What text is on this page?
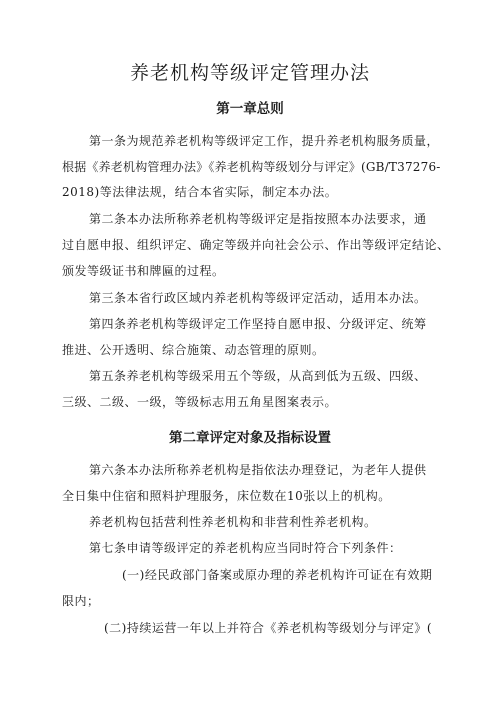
养老机构等级评定管理办法
第一章总则
第一条为规范养老机构等级评定工作，提升养老机构服务质量，
根据《养老机构管理办法》《养老机构等级划分与评定》(GB/T37276-
2018)等法律法规，结合本省实际，制定本办法。
第二条本办法所称养老机构等级评定是指按照本办法要求，通
过自愿申报、组织评定、确定等级并向社会公示、作出等级评定结论、
颁发等级证书和牌匾的过程。
第三条本省行政区域内养老机构等级评定活动，适用本办法。
第四条养老机构等级评定工作坚持自愿申报、分级评定、统筹
推进、公开透明、综合施策、动态管理的原则。
第五条养老机构等级采用五个等级，从高到低为五级、四级、
三级、二级、一级，等级标志用五角星图案表示。
第二章评定对象及指标设置
第六条本办法所称养老机构是指依法办理登记，为老年人提供
全日集中住宿和照料护理服务，床位数在10张以上的机构。
养老机构包括营利性养老机构和非营利性养老机构。
第七条申请等级评定的养老机构应当同时符合下列条件：
(一)经民政部门备案或原办理的养老机构许可证在有效期
限内；
(二)持续运营一年以上并符合《养老机构等级划分与评定》(
